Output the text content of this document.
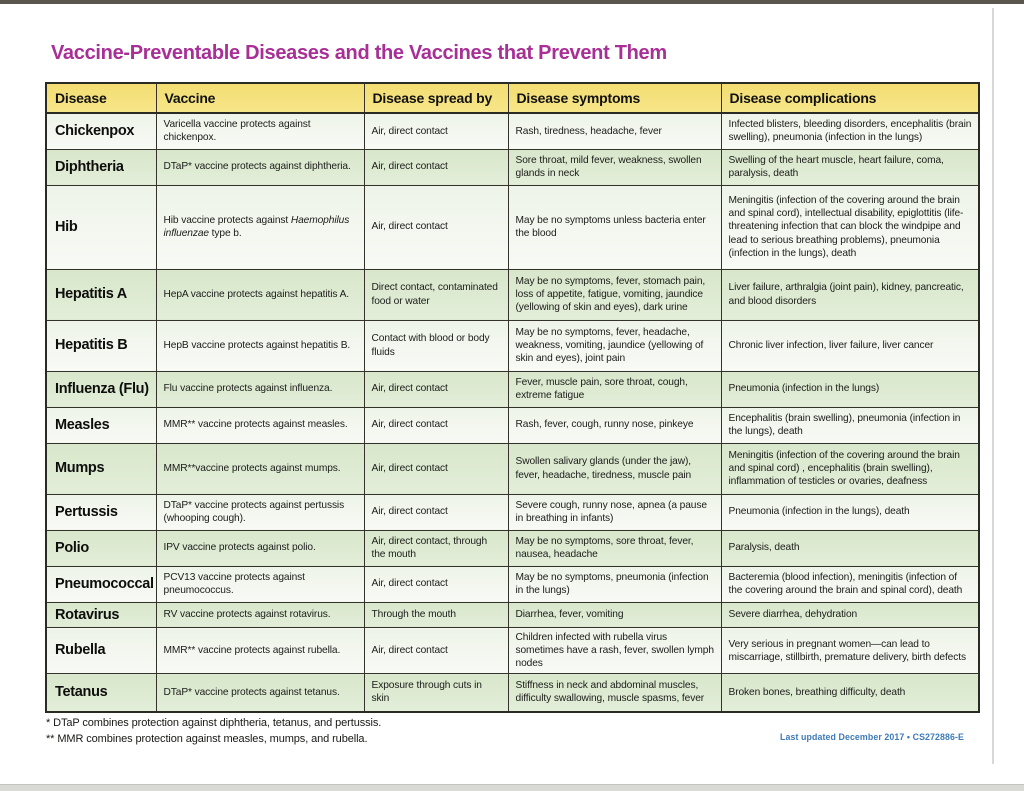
Vaccine-Preventable Diseases and the Vaccines that Prevent Them
Disease	Vaccine	Disease spread by	Disease symptoms	Disease complications
Chickenpox	Varicella vaccine protects against chickenpox.	Air, direct contact	Rash, tiredness, headache, fever	Infected blisters, bleeding disorders, encephalitis (brain swelling), pneumonia (infection in the lungs)
Diphtheria	DTaP* vaccine protects against diphtheria.	Air, direct contact	Sore throat, mild fever, weakness, swollen glands in neck	Swelling of the heart muscle, heart failure, coma, paralysis, death
Hib	Hib vaccine protects against Haemophilus influenzae type b.	Air, direct contact	May be no symptoms unless bacteria enter the blood	Meningitis (infection of the covering around the brain and spinal cord), intellectual disability, epiglottitis (life-threatening infection that can block the windpipe and lead to serious breathing problems), pneumonia (infection in the lungs), death
Hepatitis A	HepA vaccine protects against hepatitis A.	Direct contact, contaminated food or water	May be no symptoms, fever, stomach pain, loss of appetite, fatigue, vomiting, jaundice (yellowing of skin and eyes), dark urine	Liver failure, arthralgia (joint pain), kidney, pancreatic, and blood disorders
Hepatitis B	HepB vaccine protects against hepatitis B.	Contact with blood or body fluids	May be no symptoms, fever, headache, weakness, vomiting, jaundice (yellowing of skin and eyes), joint pain	Chronic liver infection, liver failure, liver cancer
Influenza (Flu)	Flu vaccine protects against influenza.	Air, direct contact	Fever, muscle pain, sore throat, cough, extreme fatigue	Pneumonia (infection in the lungs)
Measles	MMR** vaccine protects against measles.	Air, direct contact	Rash, fever, cough, runny nose, pinkeye	Encephalitis (brain swelling), pneumonia (infection in the lungs), death
Mumps	MMR**vaccine protects against mumps.	Air, direct contact	Swollen salivary glands (under the jaw), fever, headache, tiredness, muscle pain	Meningitis (infection of the covering around the brain and spinal cord) , encephalitis (brain swelling), inflammation of testicles or ovaries, deafness
Pertussis	DTaP* vaccine protects against pertussis (whooping cough).	Air, direct contact	Severe cough, runny nose, apnea (a pause in breathing in infants)	Pneumonia (infection in the lungs), death
Polio	IPV vaccine protects against polio.	Air, direct contact, through the mouth	May be no symptoms, sore throat, fever, nausea, headache	Paralysis, death
Pneumococcal	PCV13 vaccine protects against pneumococcus.	Air, direct contact	May be no symptoms, pneumonia (infection in the lungs)	Bacteremia (blood infection), meningitis (infection of the covering around the brain and spinal cord), death
Rotavirus	RV vaccine protects against rotavirus.	Through the mouth	Diarrhea, fever, vomiting	Severe diarrhea, dehydration
Rubella	MMR** vaccine protects against rubella.	Air, direct contact	Children infected with rubella virus sometimes have a rash, fever, swollen lymph nodes	Very serious in pregnant women—can lead to miscarriage, stillbirth, premature delivery, birth defects
Tetanus	DTaP* vaccine protects against tetanus.	Exposure through cuts in skin	Stiffness in neck and abdominal muscles, difficulty swallowing, muscle spasms, fever	Broken bones, breathing difficulty, death
* DTaP combines protection against diphtheria, tetanus, and pertussis.
** MMR combines protection against measles, mumps, and rubella.	Last updated December 2017 • CS272886-E
